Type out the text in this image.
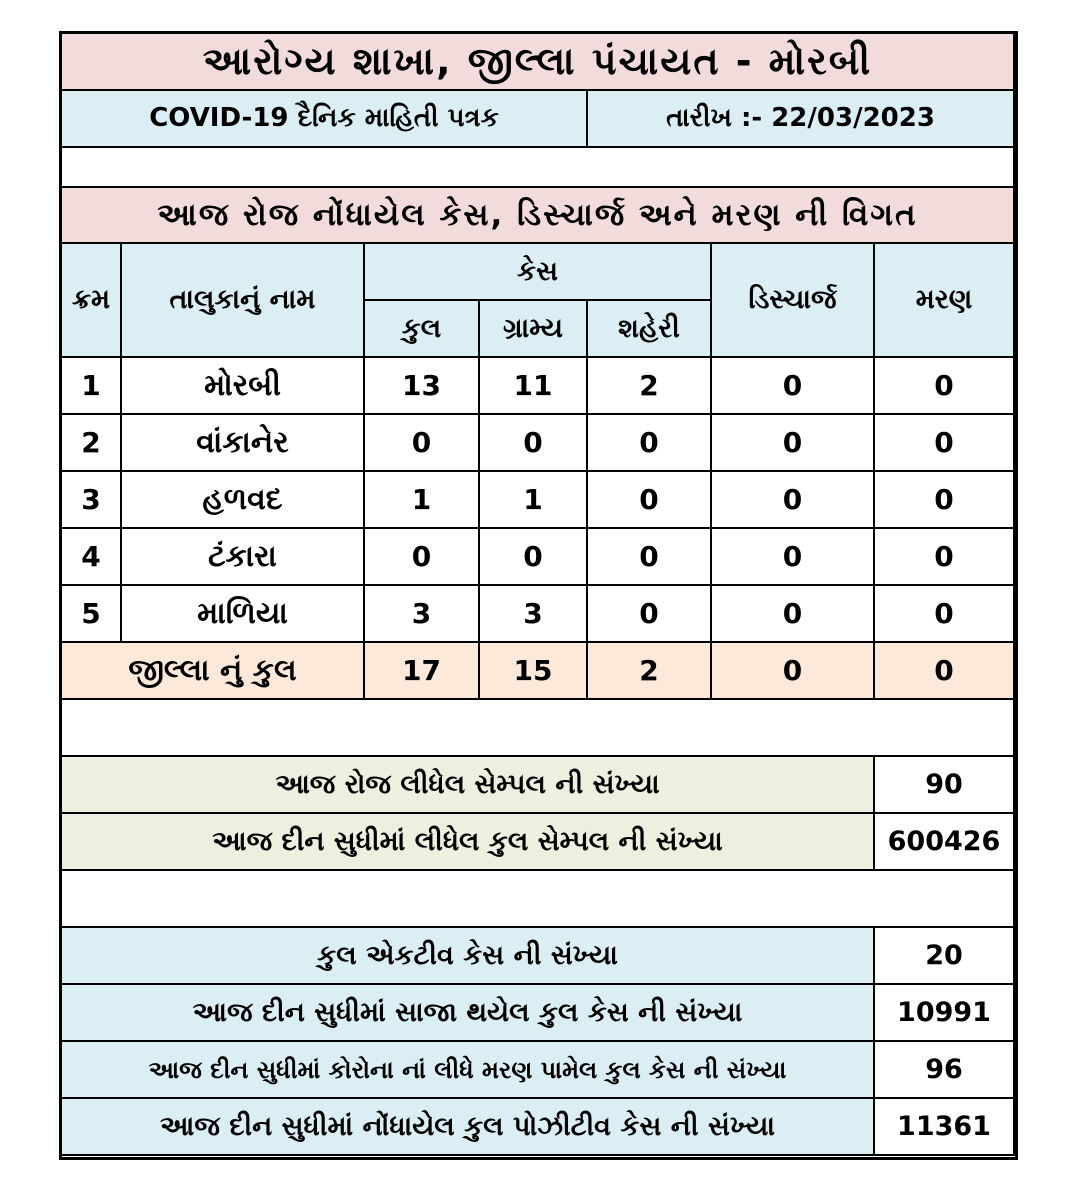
આરોગ્ય શાખા, જીલ્લા પંચાયત - મોરબી						
COVID-19 દૈનિક માહિતી પત્રક				તારીખ :- 22/03/2023		

આજ રોજ નોંધાયેલ કેસ, ડિસ્ચાર્જ અને મરણ ની વિગત						
ક્રમ	તાલુકાનું નામ	કેસ			ડિસ્ચાર્જ	મરણ
		કુલ	ગ્રામ્ય	શહેરી		
1	મોરબી	13	11	2	0	0
2	વાંકાનેર	0	0	0	0	0
3	હળવદ	1	1	0	0	0
4	ટંકારા	0	0	0	0	0
5	માળિયા	3	3	0	0	0
જીલ્લા નું કુલ		17	15	2	0	0

આજ રોજ લીધેલ સેમ્પલ ની સંખ્યા						90
આજ દીન સુધીમાં લીધેલ કુલ સેમ્પલ ની સંખ્યા						600426

કુલ એકટીવ કેસ ની સંખ્યા						20
આજ દીન સુધીમાં સાજા થયેલ કુલ કેસ ની સંખ્યા						10991
આજ દીન સુધીમાં કોરોના નાં લીધે મરણ પામેલ કુલ કેસ ની સંખ્યા						96
આજ દીન સુધીમાં નોંધાયેલ કુલ પોઝીટીવ કેસ ની સંખ્યા						11361
